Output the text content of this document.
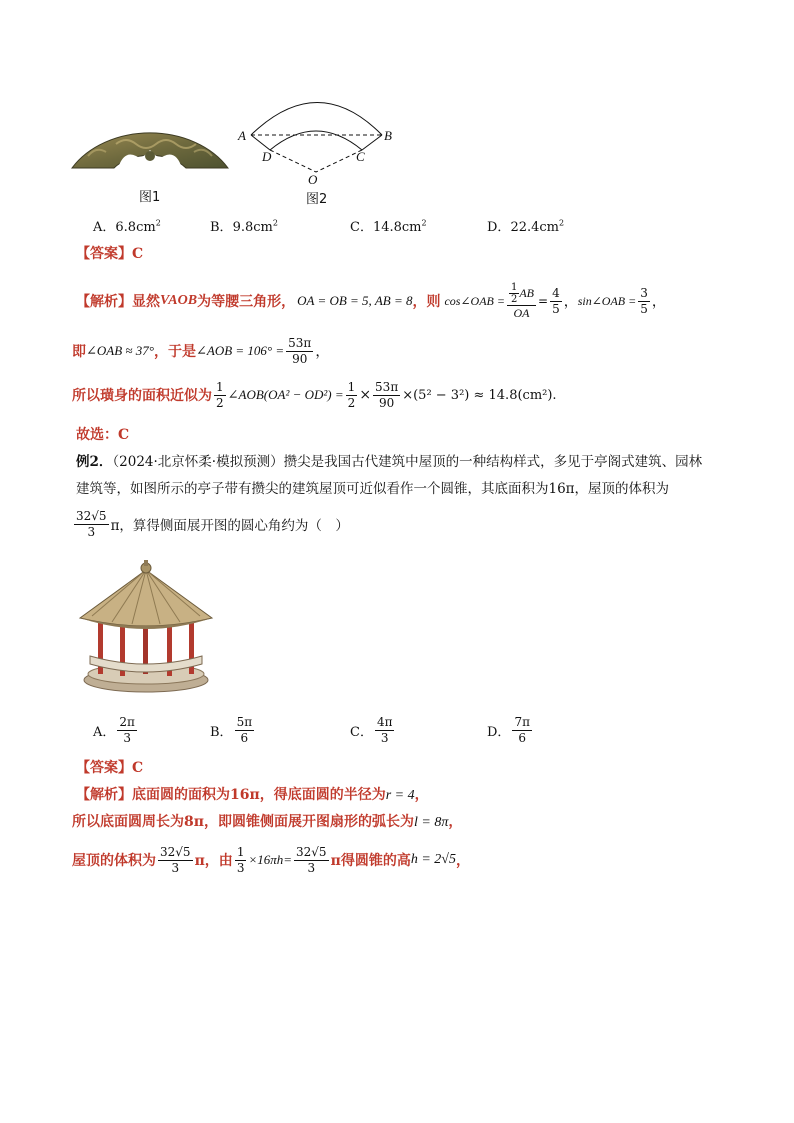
图1
A	B
D	C
O
图2
A．$6.8cm^2$	B．$9.8cm^2$	C．$14.8cm^2$	D．$22.4cm^2$
【答案】C
【解析】 显然 VAOB 为等腰三角形， OA = OB = 5, AB = 8 ，则 cos∠OAB = $\frac{\frac{1}{2} AB}{OA} = \frac{4}{5}$ ， sin∠OAB = $\frac{3}{5}$ ，
即 ∠OAB ≈ 37° ，于是 ∠AOB = $106^\circ = \frac{53\pi}{90}$ ，
所以璜身的面积近似为 $\frac{1}{2}$ ∠AOB(OA² − $OD^2) = \frac{1}{2} \times \frac{53\pi}{90} \times(5^2 - 3^2) \approx 14.8(cm^2)$.
故选：C
例2．（2024·北京怀柔·模拟预测）攒尖是我国古代建筑中屋顶的一种结构样式，多见于亭阁式建筑、园林
建筑等，如图所示的亭子带有攒尖的建筑屋顶可近似看作一个圆锥，其底面积为16π，屋顶的体积为
$\frac{32√5}{3}$ π，算得侧面展开图的圆心角约为（　）
A． $\frac{2\pi}{3}$	B． $\frac{5\pi}{6}$	C． $\frac{4\pi}{3}$	D． $\frac{7\pi}{6}$
【答案】C
【解析】底面圆的面积为16π，得底面圆的半径为r = 4，
所以底面圆周长为8π，即圆锥侧面展开图扇形的弧长为l = 8π，
屋顶的体积为 $\frac{32√5}{3}$ π，由 $\frac{1}{3} \times 16\pi h= \frac{32√5}{3}$ π得圆锥的高 h = 2√5 ，
